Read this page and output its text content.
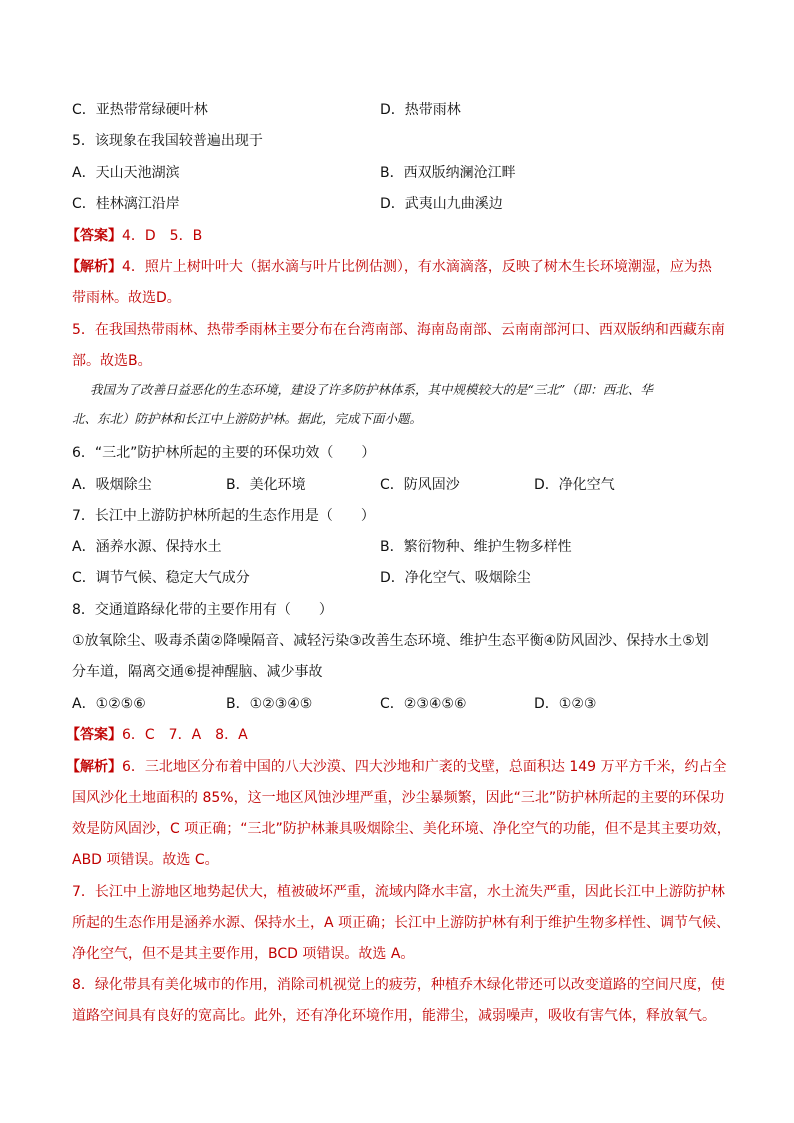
C．亚热带常绿硬叶林	D．热带雨林
5．该现象在我国较普遍出现于
A．天山天池湖滨	B．西双版纳澜沧江畔
C．桂林漓江沿岸	D．武夷山九曲溪边
【答案】4．D　5．B
【解析】4．照片上树叶叶大（据水滴与叶片比例估测），有水滴滴落，反映了树木生长环境潮湿，应为热
带雨林。故选D。
5．在我国热带雨林、热带季雨林主要分布在台湾南部、海南岛南部、云南南部河口、西双版纳和西藏东南
部。故选B。
我国为了改善日益恶化的生态环境，建设了许多防护林体系，其中规模较大的是“三北”（即：西北、华
北、东北）防护林和长江中上游防护林。据此，完成下面小题。
6．“三北”防护林所起的主要的环保功效（　　）
A．吸烟除尘	B．美化环境	C．防风固沙	D．净化空气
7．长江中上游防护林所起的生态作用是（　　）
A．涵养水源、保持水土	B．繁衍物种、维护生物多样性
C．调节气候、稳定大气成分	D．净化空气、吸烟除尘
8．交通道路绿化带的主要作用有（　　）
①放氧除尘、吸毒杀菌②降噪隔音、减轻污染③改善生态环境、维护生态平衡④防风固沙、保持水土⑤划
分车道，隔离交通⑥提神醒脑、减少事故
A．①②⑤⑥	B．①②③④⑤	C．②③④⑤⑥	D．①②③
【答案】6．C　7．A　8．A
【解析】6．三北地区分布着中国的八大沙漠、四大沙地和广袤的戈壁，总面积达 149 万平方千米，约占全
国风沙化土地面积的 85%，这一地区风蚀沙埋严重，沙尘暴频繁，因此“三北”防护林所起的主要的环保功
效是防风固沙，C 项正确；“三北”防护林兼具吸烟除尘、美化环境、净化空气的功能，但不是其主要功效，
ABD 项错误。故选 C。
7．长江中上游地区地势起伏大，植被破坏严重，流域内降水丰富，水土流失严重，因此长江中上游防护林
所起的生态作用是涵养水源、保持水土，A 项正确；长江中上游防护林有利于维护生物多样性、调节气候、
净化空气，但不是其主要作用，BCD 项错误。故选 A。
8．绿化带具有美化城市的作用，消除司机视觉上的疲劳，种植乔木绿化带还可以改变道路的空间尺度，使
道路空间具有良好的宽高比。此外，还有净化环境作用，能滞尘，减弱噪声，吸收有害气体，释放氧气。
